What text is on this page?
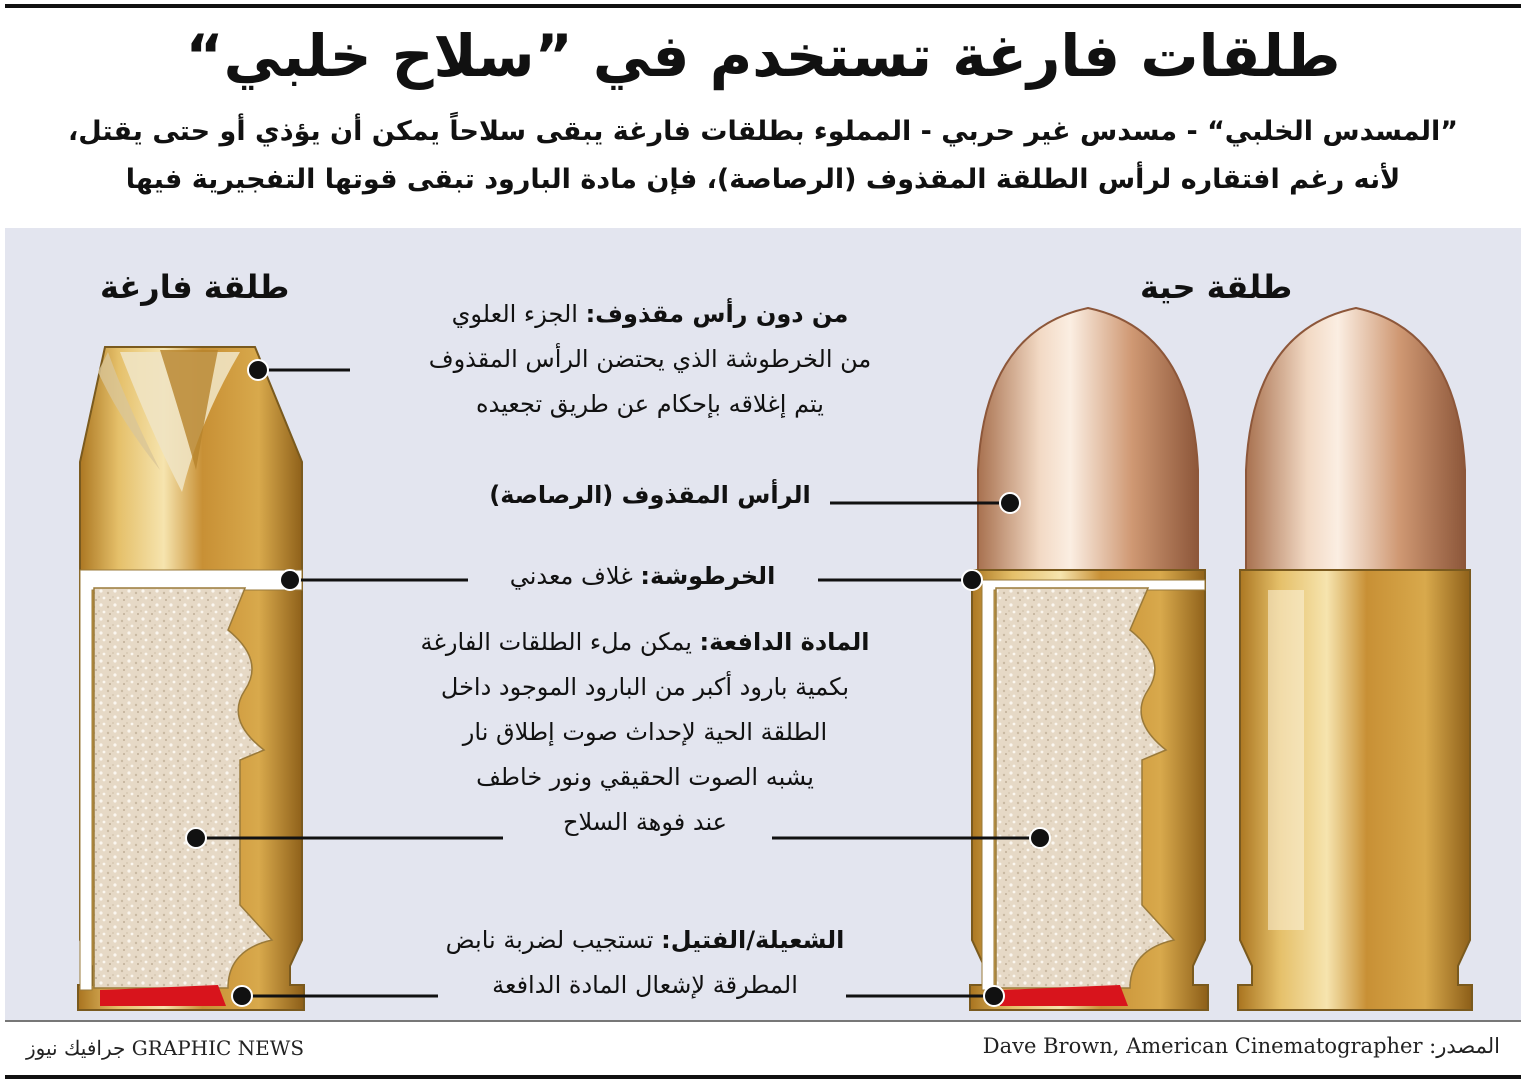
طلقات فارغة تستخدم في ”سلاح خلبي“
”المسدس الخلبي“ - مسدس غير حربي - المملوء بطلقات فارغة يبقى سلاحاً يمكن أن يؤذي أو حتى يقتل،
لأنه رغم افتقاره لرأس الطلقة المقذوف (الرصاصة)، فإن مادة البارود تبقى قوتها التفجيرية فيها
طلقة فارغة	طلقة حية
من دون رأس مقذوف: الجزء العلوي
من الخرطوشة الذي يحتضن الرأس المقذوف
يتم إغلاقه بإحكام عن طريق تجعيده
الرأس المقذوف (الرصاصة)
الخرطوشة: غلاف معدني
المادة الدافعة: يمكن ملء الطلقات الفارغة
بكمية بارود أكبر من البارود الموجود داخل
الطلقة الحية لإحداث صوت إطلاق نار
يشبه الصوت الحقيقي ونور خاطف
عند فوهة السلاح
الشعيلة/الفتيل: تستجيب لضربة نابض
المطرقة لإشعال المادة الدافعة
المصدر: Dave Brown, American Cinematographer
GRAPHIC NEWS جرافيك نيوز
